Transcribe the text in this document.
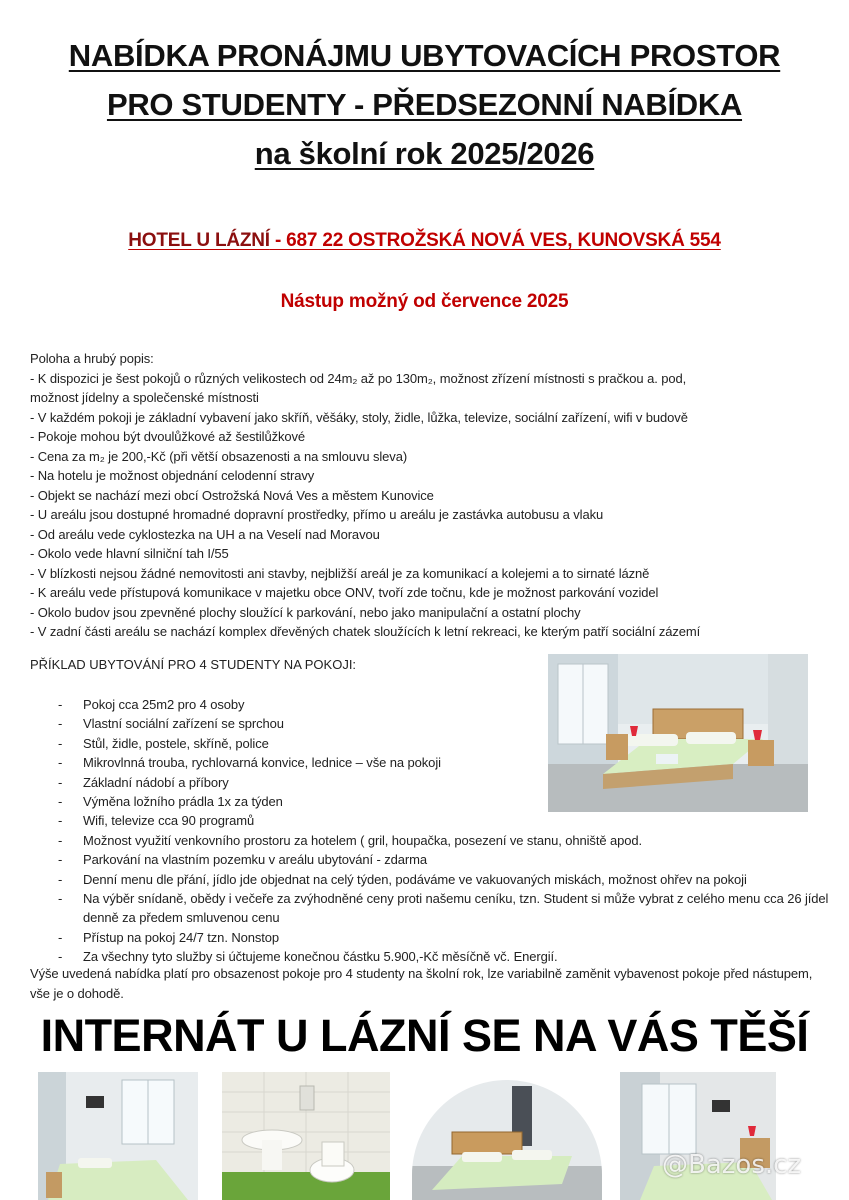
NABÍDKA PRONÁJMU UBYTOVACÍCH PROSTOR
PRO STUDENTY - PŘEDSEZONNÍ NABÍDKA
na školní rok 2025/2026
HOTEL U LÁZNÍ - 687 22 OSTROŽSKÁ NOVÁ VES, KUNOVSKÁ 554
Nástup možný od července 2025
Poloha a hrubý popis:
- K dispozici je šest pokojů o různých velikostech od 24m₂ až po 130m₂, možnost zřízení místnosti s pračkou a. pod,
možnost jídelny a společenské místnosti
- V každém pokoji je základní vybavení jako skříň, věšáky, stoly, židle, lůžka, televize, sociální zařízení, wifi v budově
- Pokoje mohou být dvoulůžkové až šestilůžkové
- Cena za m₂ je 200,-Kč (při větší obsazenosti a na smlouvu sleva)
- Na hotelu je možnost objednání celodenní stravy
- Objekt se nachází mezi obcí Ostrožská Nová Ves a městem Kunovice
- U areálu jsou dostupné hromadné dopravní prostředky, přímo u areálu je zastávka autobusu a vlaku
- Od areálu vede cyklostezka na UH a na Veselí nad Moravou
- Okolo vede hlavní silniční tah I/55
- V blízkosti nejsou žádné nemovitosti ani stavby, nejbližší areál je za komunikací a kolejemi a to sirnaté lázně
- K areálu vede přístupová komunikace v majetku obce ONV, tvoří zde točnu, kde je možnost parkování vozidel
- Okolo budov jsou zpevněné plochy sloužící k parkování, nebo jako manipulační a ostatní plochy
- V zadní části areálu se nachází komplex dřevěných chatek sloužících k letní rekreaci, ke kterým patří sociální zázemí
PŘÍKLAD UBYTOVÁNÍ PRO 4 STUDENTY NA POKOJI:
- Pokoj cca 25m2 pro 4 osoby
- Vlastní sociální zařízení se sprchou
- Stůl, židle, postele, skříně, police
- Mikrovlnná trouba, rychlovarná konvice, lednice – vše na pokoji
- Základní nádobí a příbory
- Výměna ložního prádla 1x za týden
- Wifi, televize cca 90 programů
- Možnost využití venkovního prostoru za hotelem ( gril, houpačka, posezení ve stanu, ohniště apod.
- Parkování na vlastním pozemku v areálu ubytování - zdarma
- Denní menu dle přání, jídlo jde objednat na celý týden, podáváme ve vakuovaných miskách, možnost ohřev na pokoji
- Na výběr snídaně, obědy i večeře za zvýhodněné ceny proti našemu ceníku, tzn. Student si může vybrat z celého menu cca 26 jídel denně za předem smluvenou cenu
- Přístup na pokoj 24/7 tzn. Nonstop
- Za všechny tyto služby si účtujeme konečnou částku 5.900,-Kč měsíčně vč. Energií.
Výše uvedená nabídka platí pro obsazenost pokoje pro 4 studenty na školní rok, lze variabilně zaměnit vybavenost pokoje před nástupem, vše je o dohodě.
INTERNÁT U LÁZNÍ SE NA VÁS TĚŠÍ
@Bazos.cz
